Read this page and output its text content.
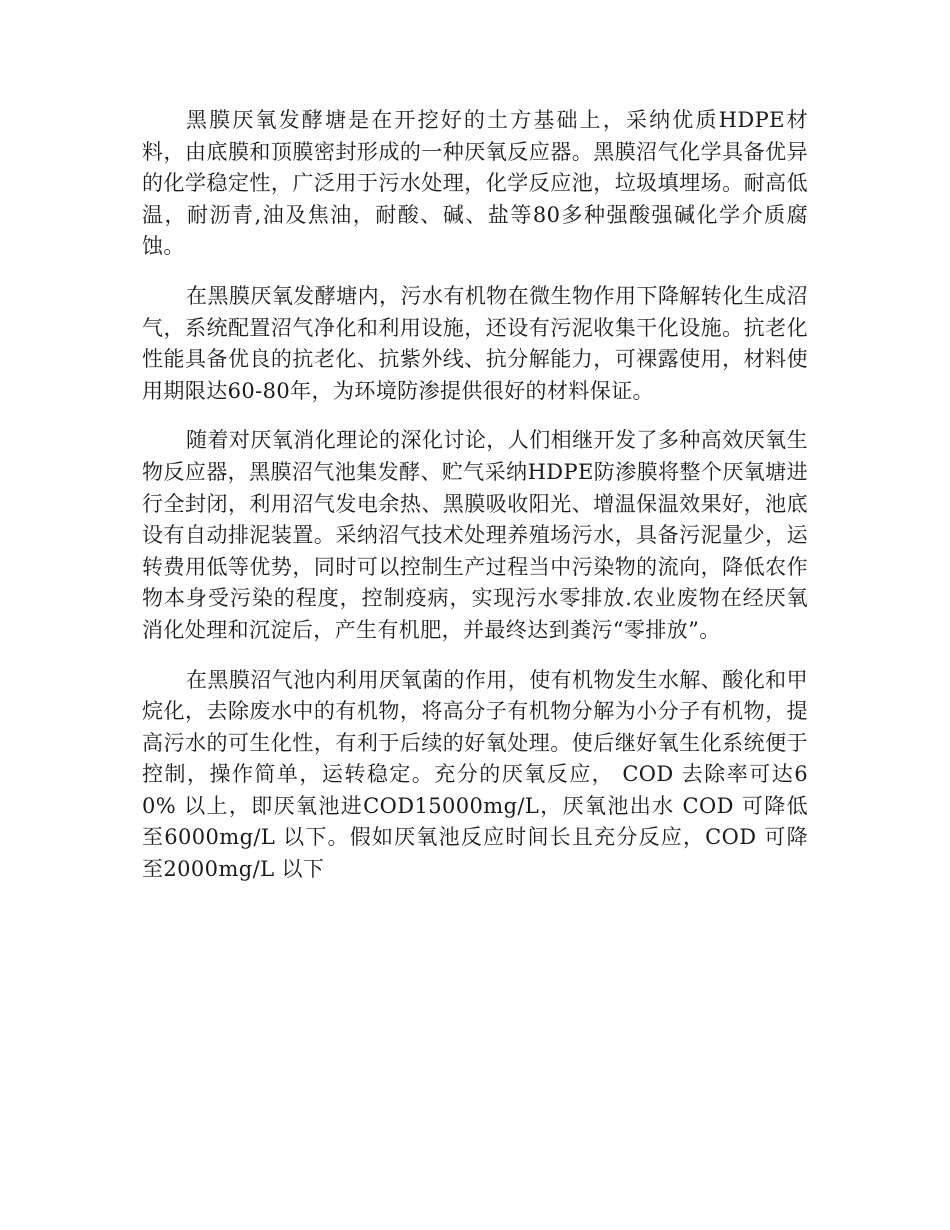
黑膜厌氧发酵塘是在开挖好的土方基础上，采纳优质HDPE材料，由底膜和顶膜密封形成的一种厌氧反应器。黑膜沼气化学具备优异的化学稳定性，广泛用于污水处理，化学反应池，垃圾填埋场。耐高低温，耐沥青,油及焦油，耐酸、碱、盐等80多种强酸强碱化学介质腐蚀。

在黑膜厌氧发酵塘内，污水有机物在微生物作用下降解转化生成沼气，系统配置沼气净化和利用设施，还设有污泥收集干化设施。抗老化性能具备优良的抗老化、抗紫外线、抗分解能力，可裸露使用，材料使用期限达60-80年，为环境防渗提供很好的材料保证。

随着对厌氧消化理论的深化讨论，人们相继开发了多种高效厌氧生物反应器，黑膜沼气池集发酵、贮气采纳HDPE防渗膜将整个厌氧塘进行全封闭，利用沼气发电余热、黑膜吸收阳光、增温保温效果好，池底设有自动排泥装置。采纳沼气技术处理养殖场污水，具备污泥量少，运转费用低等优势，同时可以控制生产过程当中污染物的流向，降低农作物本身受污染的程度，控制疫病，实现污水零排放.农业废物在经厌氧消化处理和沉淀后，产生有机肥，并最终达到粪污“零排放”。

在黑膜沼气池内利用厌氧菌的作用，使有机物发生水解、酸化和甲烷化，去除废水中的有机物，将高分子有机物分解为小分子有机物，提高污水的可生化性，有利于后续的好氧处理。使后继好氧生化系统便于控制，操作简单，运转稳定。充分的厌氧反应， COD 去除率可达60% 以上，即厌氧池进COD15000mg/L，厌氧池出水 COD 可降低至6000mg/L 以下。假如厌氧池反应时间长且充分反应，COD 可降至2000mg/L 以下
